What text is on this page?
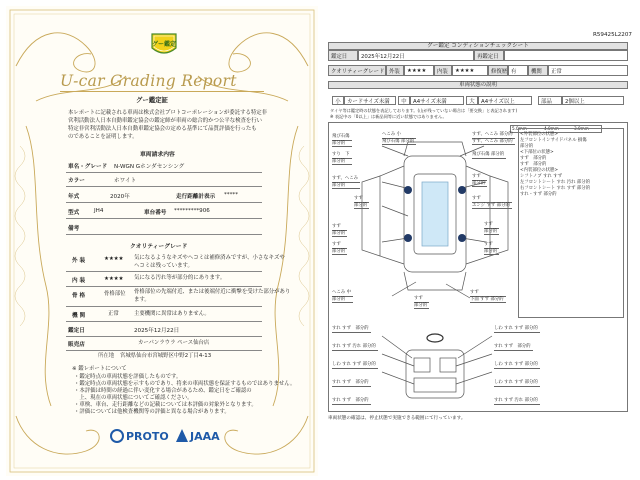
グー鑑定
U-car Grading Report
グー鑑定証
本レポートに記載される車両は株式会社プロトコーポレーションが委託する特定非
営利活動法人日本自動車鑑定協会の鑑定師が車両の総合的かつ公平な検査を行い
特定非営利活動法人日本自動車鑑定協会の定める基準にて品質評価を行ったも
のであることを証明します。
車両請求内容
車名・グレード N-WGN Gホンダセンシング
カラー	ホワイト
年式	2020年	走行距離計表示 *****
型式	JH4	車台番号 *********906
備考
クオリティーグレード
外 装	★★★★ 気になるようなキズやヘコミは補修済みですが、小さなキズや
ヘコミは残っています。
内 装	★★★★ 気になる汚れ等が部分的にあります。
骨 格	骨格部位 骨格部位の先端付近、または後端付近に衝撃を受けた部分があり
ます。
機 関	正常	主要機関に異常はありません。
鑑定日	2025年12月22日
販売店	カーパンラウラ ペース仙台店
所在地 宮城県仙台市宮城野区中野2丁目4-13
※ 鑑レポートについて
・鑑定時点の車両状態を評価したものです。
・鑑定時点の車両状態を示すものであり、将来の車両状態を保証するものではありません。
・本評価は時間の経過に伴い変化する場合があるため、鑑定日をご確認の
　上、現在の車両状態についてご確認ください。
・車検、車台、走行距離などの記載については本評価の対象外となります。
・評価については他検査機関等の評価と異なる場合があります。
PROTO JAAA
R59425L2207
グー鑑定 コンディションチェックシート
鑑定日	2025年12月22日	再鑑定日
クオリティーグレード 外装	★★★★	内装	★★★★	修復歴 有	機関	正常
車両状態の説明
小	カードサイズ未満	中	A4サイズ未満	大	A4サイズ以上	部品	2個以上
タイヤ等は鑑定時の状態を表記しております。(山が残っていない場合は「要交換」と表記されます)
※ 表記中の「0以上」は新品同等に近い状態ではありません。
5.0mm〜	4.0mm〜	3.0mm〜
<外装部位の状態>
左フロントインサイドパネル 損傷
部分的
<下部位の状態>
すず　部分的
すず　部分的
<内装部位の状態>
シフトノブ すれ すず
左フロントシート すれ 汚れ 部分的
右フロントシート すれ すず 部分的
すれ・すず 部分的
飛び石傷
部分的
すり　下
部分的
すず、へこみ
部分的
すず
部分的
すず
部分的
へこみ 中
部分的
へこみ 小
飛び石傷 部分的
すず
部分的
すず
部分的
すず、へこみ 部分的
すず、へこみ 部分的
飛び石傷 部分的
すず
部分的
すず
エンジ すず 部分的
すず
部分的
すず
部分的
すず
下面 すず 部分的
すれ すず　部分的
すれ すず 汚れ 部分的
しわ すれ すず 部分的
すれ すず　部分的
すれ すず　部分的
しわ すれ すず 部分的
すれ すず　部分的
しわ すれ すず 部分的
しわ すれ すず 部分的
すれ すず 汚れ 部分的
車両状態の確認は、停止状態で実施できる範囲にて行っています。
